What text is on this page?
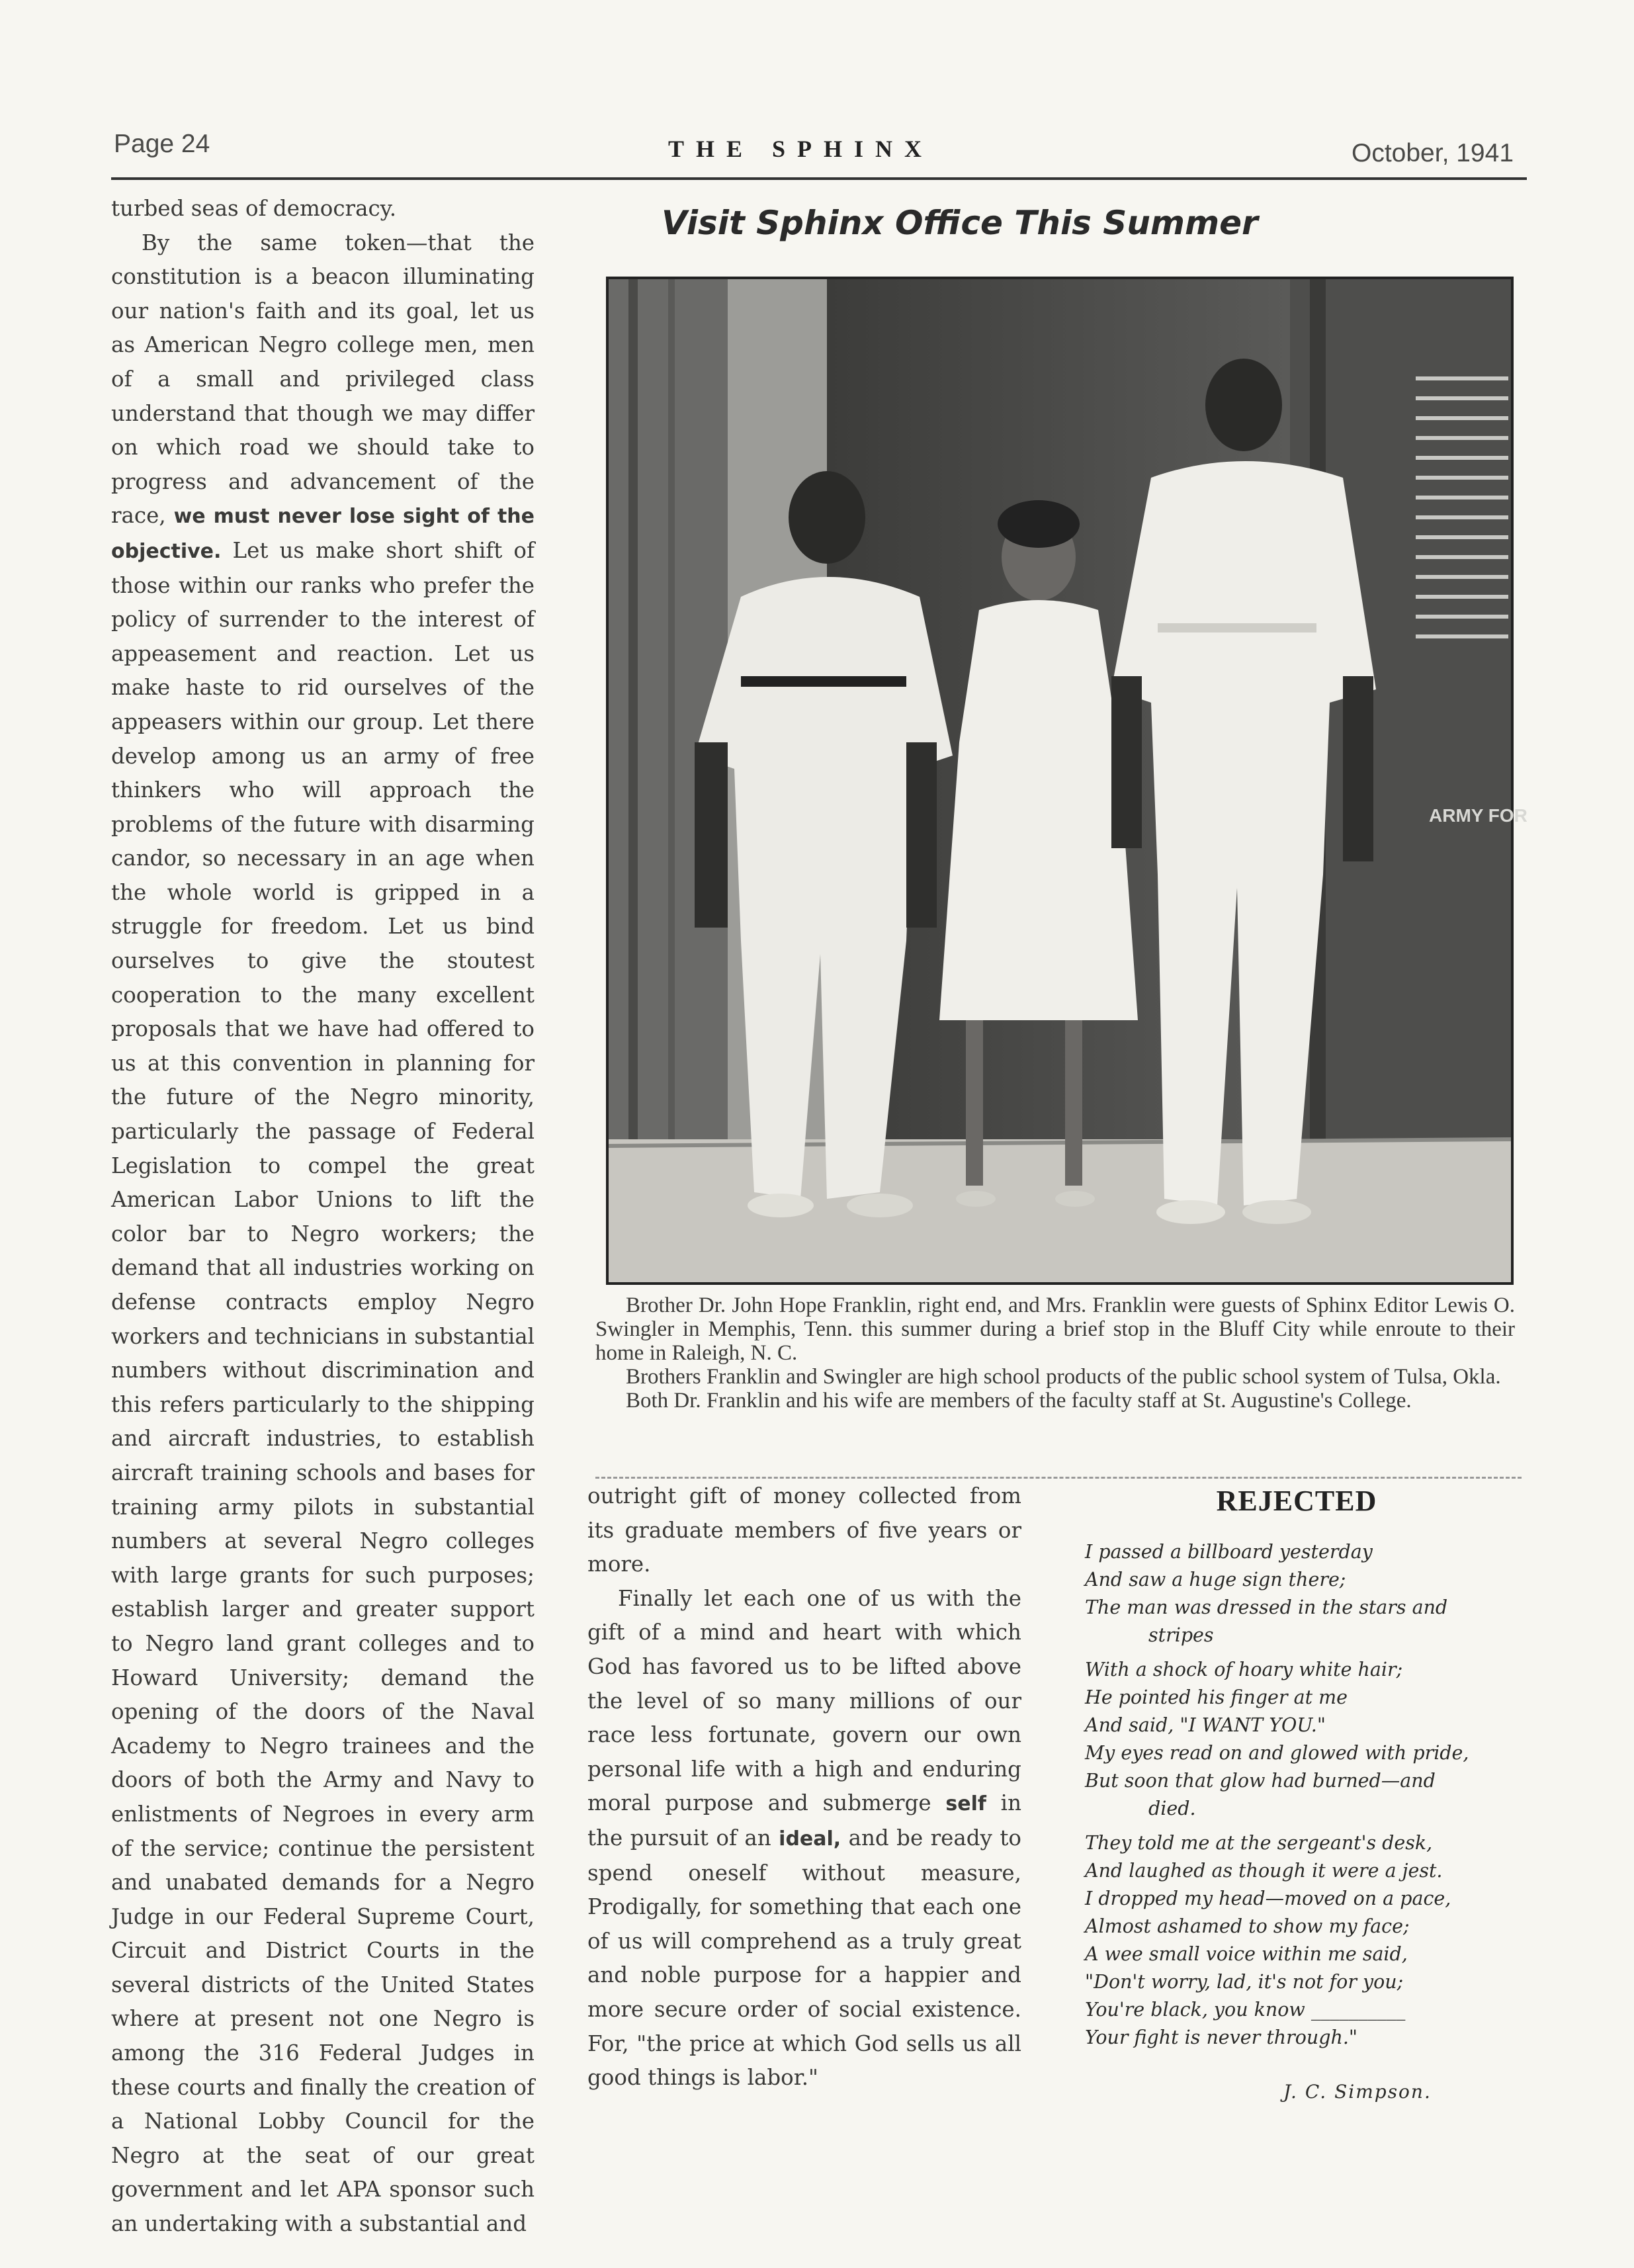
Page 24	THE SPHINX	October, 1941

turbed seas of democracy.

By the same token—that the constitution is a beacon illuminating our nation's faith and its goal, let us as American Negro college men, men of a small and privileged class understand that though we may differ on which road we should take to progress and advancement of the race, we must never lose sight of the objective. Let us make short shift of those within our ranks who prefer the policy of surrender to the interest of appeasement and reaction. Let us make haste to rid ourselves of the appeasers within our group. Let there develop among us an army of free thinkers who will approach the problems of the future with disarming candor, so necessary in an age when the whole world is gripped in a struggle for freedom. Let us bind ourselves to give the stoutest cooperation to the many excellent proposals that we have had offered to us at this convention in planning for the future of the Negro minority, particularly the passage of Federal Legislation to compel the great American Labor Unions to lift the color bar to Negro workers; the demand that all industries working on defense contracts employ Negro workers and technicians in substantial numbers without discrimination and this refers particularly to the shipping and aircraft industries, to establish aircraft training schools and bases for training army pilots in substantial numbers at several Negro colleges with large grants for such purposes; establish larger and greater support to Negro land grant colleges and to Howard University; demand the opening of the doors of the Naval Academy to Negro trainees and the doors of both the Army and Navy to enlistments of Negroes in every arm of the service; continue the persistent and unabated demands for a Negro Judge in our Federal Supreme Court, Circuit and District Courts in the several districts of the United States where at present not one Negro is among the 316 Federal Judges in these courts and finally the creation of a National Lobby Council for the Negro at the seat of our great government and let APA sponsor such an undertaking with a substantial and

Visit Sphinx Office This Summer
ARMY FOR

Brother Dr. John Hope Franklin, right end, and Mrs. Franklin were guests of Sphinx Editor Lewis O. Swingler in Memphis, Tenn. this summer during a brief stop in the Bluff City while enroute to their home in Raleigh, N. C.

Brothers Franklin and Swingler are high school products of the public school system of Tulsa, Okla.

Both Dr. Franklin and his wife are members of the faculty staff at St. Augustine's College.

outright gift of money collected from its graduate members of five years or more.

Finally let each one of us with the gift of a mind and heart with which God has favored us to be lifted above the level of so many millions of our race less fortunate, govern our own personal life with a high and enduring moral purpose and submerge self in the pursuit of an ideal, and be ready to spend oneself without measure, Prodigally, for something that each one of us will comprehend as a truly great and noble purpose for a happier and more secure order of social existence. For, "the price at which God sells us all good things is labor."

REJECTED
I passed a billboard yesterday
And saw a huge sign there;
The man was dressed in the stars and
stripes
With a shock of hoary white hair;
He pointed his finger at me
And said, "I WANT YOU."
My eyes read on and glowed with pride,
But soon that glow had burned—and
died.
They told me at the sergeant's desk,
And laughed as though it were a jest.
I dropped my head—moved on a pace,
Almost ashamed to show my face;
A wee small voice within me said,
"Don't worry, lad, it's not for you;
You're black, you know __________
Your fight is never through."
J. C. Simpson.
